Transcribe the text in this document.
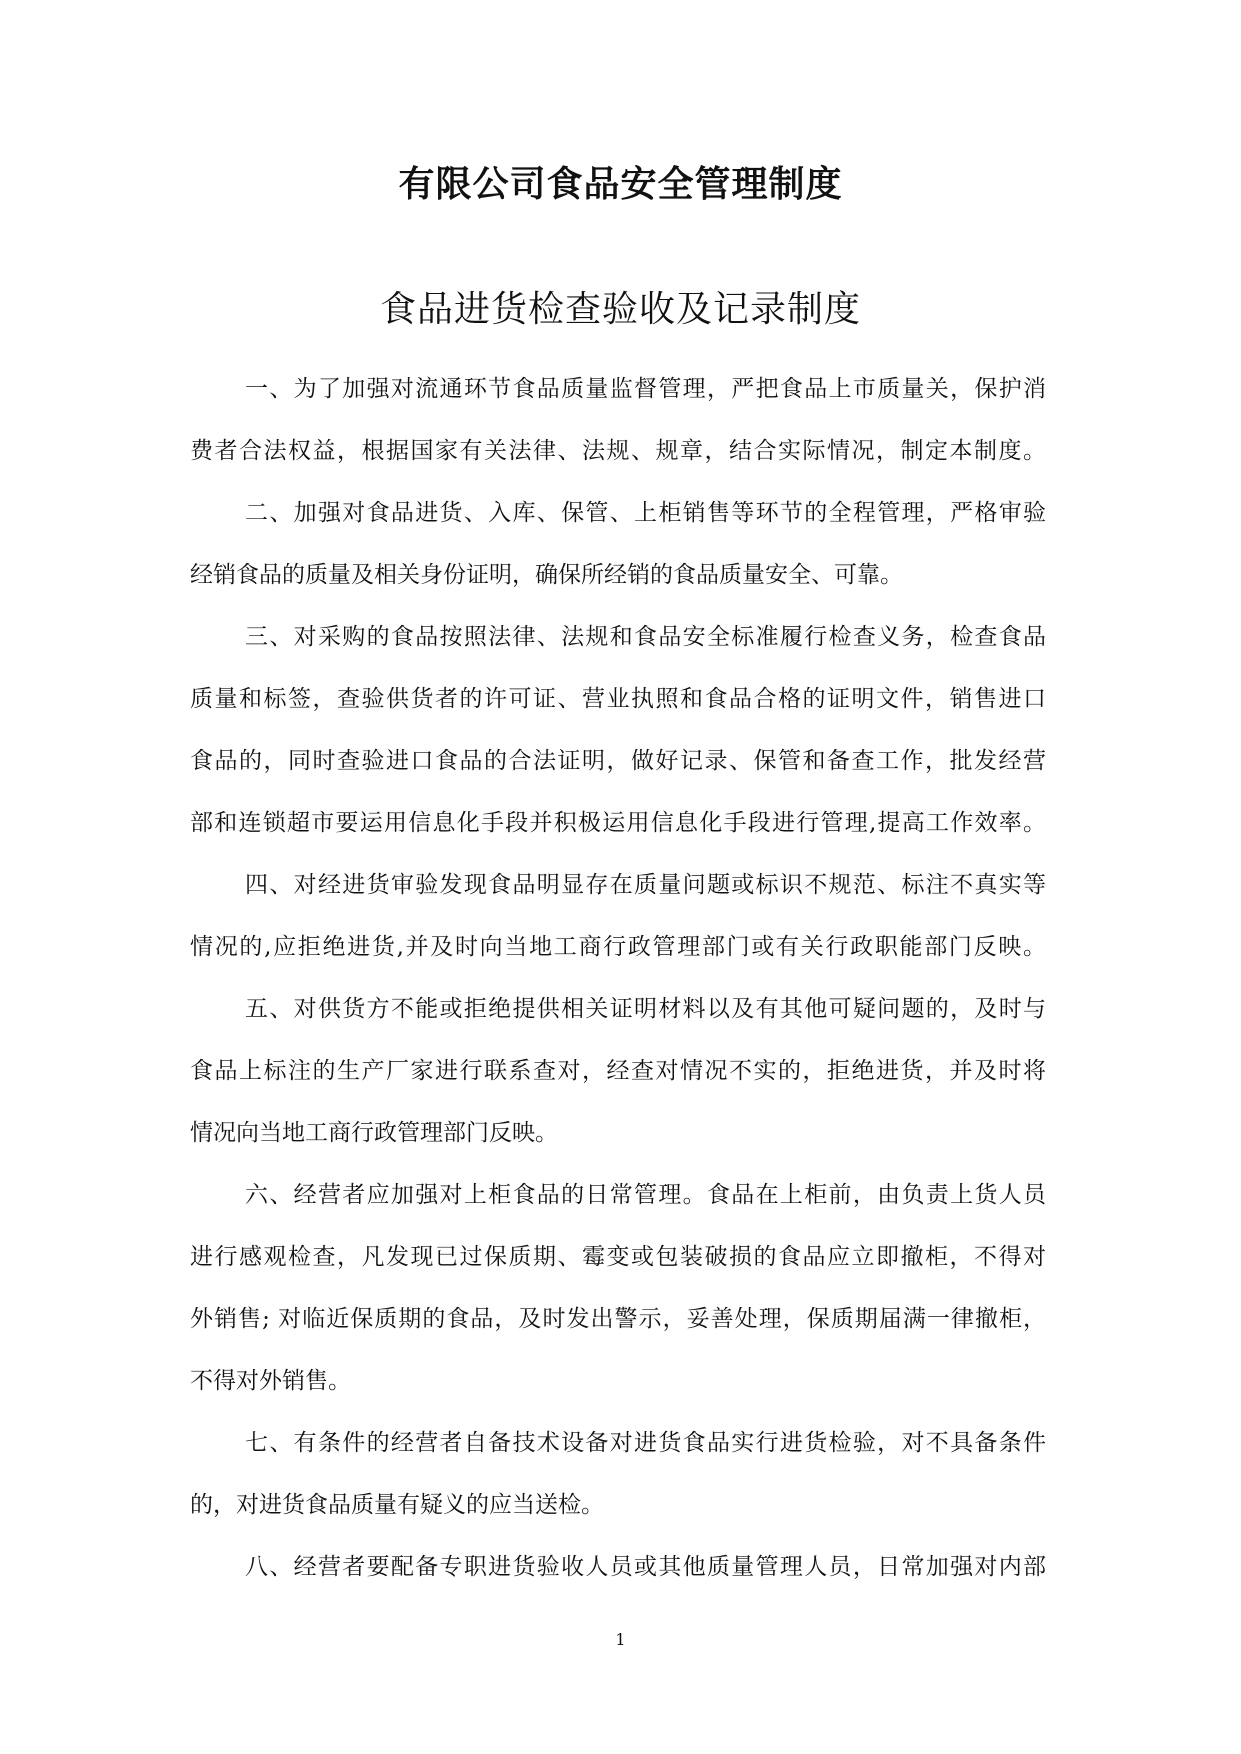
有限公司食品安全管理制度
食品进货检查验收及记录制度
一、为了加强对流通环节食品质量监督管理，严把食品上市质量关，保护消
费者合法权益，根据国家有关法律、法规、规章，结合实际情况，制定本制度。
二、加强对食品进货、入库、保管、上柜销售等环节的全程管理，严格审验
经销食品的质量及相关身份证明，确保所经销的食品质量安全、可靠。
三、对采购的食品按照法律、法规和食品安全标准履行检查义务，检查食品
质量和标签，查验供货者的许可证、营业执照和食品合格的证明文件，销售进口
食品的，同时查验进口食品的合法证明，做好记录、保管和备查工作，批发经营
部和连锁超市要运用信息化手段并积极运用信息化手段进行管理,提高工作效率。
四、对经进货审验发现食品明显存在质量问题或标识不规范、标注不真实等
情况的,应拒绝进货,并及时向当地工商行政管理部门或有关行政职能部门反映。
五、对供货方不能或拒绝提供相关证明材料以及有其他可疑问题的，及时与
食品上标注的生产厂家进行联系查对，经查对情况不实的，拒绝进货，并及时将
情况向当地工商行政管理部门反映。
六、经营者应加强对上柜食品的日常管理。食品在上柜前，由负责上货人员
进行感观检查，凡发现已过保质期、霉变或包装破损的食品应立即撤柜，不得对
外销售; 对临近保质期的食品，及时发出警示，妥善处理，保质期届满一律撤柜，
不得对外销售。
七、有条件的经营者自备技术设备对进货食品实行进货检验，对不具备条件
的，对进货食品质量有疑义的应当送检。
八、经营者要配备专职进货验收人员或其他质量管理人员，日常加强对内部
1
